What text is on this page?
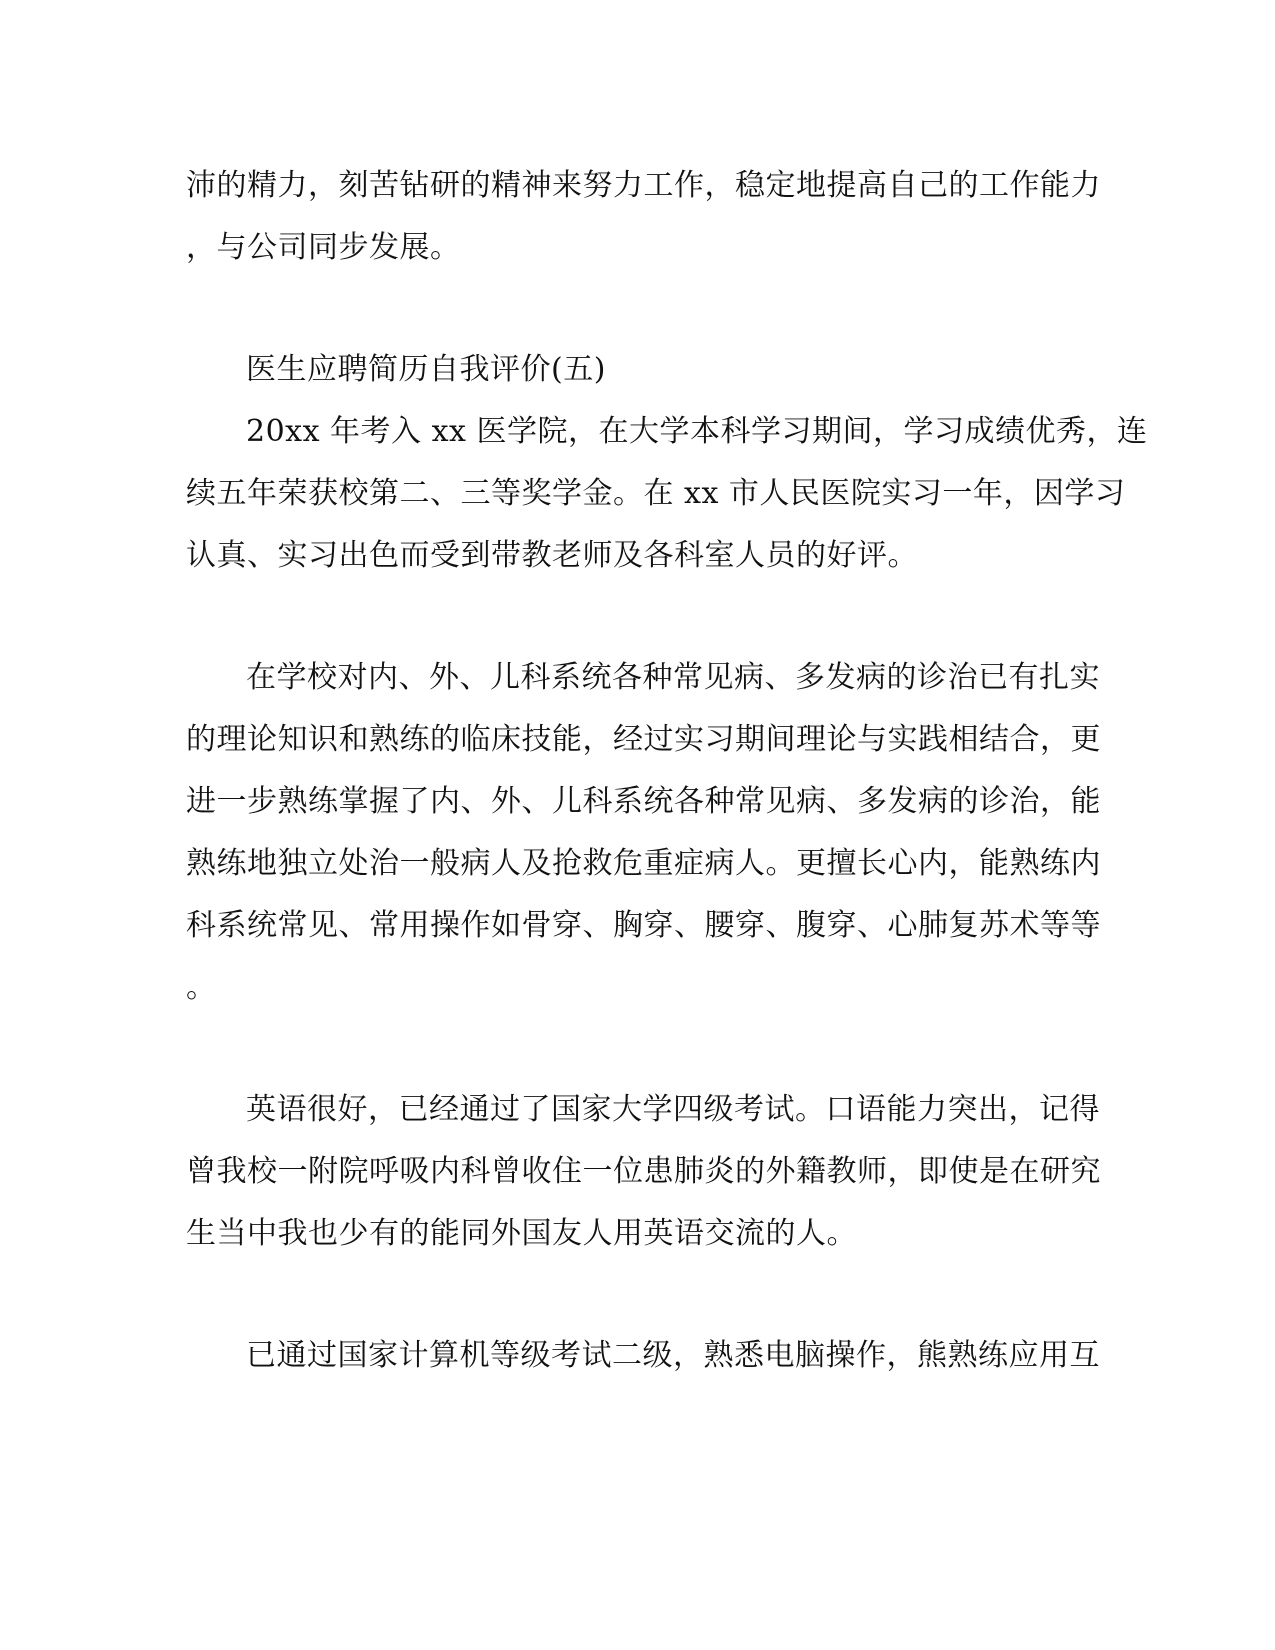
沛的精力，刻苦钻研的精神来努力工作，稳定地提高自己的工作能力
，与公司同步发展。
医生应聘简历自我评价(五)
20xx 年考入 xx 医学院，在大学本科学习期间，学习成绩优秀，连
续五年荣获校第二、三等奖学金。在 xx 市人民医院实习一年，因学习
认真、实习出色而受到带教老师及各科室人员的好评。
在学校对内、外、儿科系统各种常见病、多发病的诊治已有扎实
的理论知识和熟练的临床技能，经过实习期间理论与实践相结合，更
进一步熟练掌握了内、外、儿科系统各种常见病、多发病的诊治，能
熟练地独立处治一般病人及抢救危重症病人。更擅长心内，能熟练内
科系统常见、常用操作如骨穿、胸穿、腰穿、腹穿、心肺复苏术等等
。
英语很好，已经通过了国家大学四级考试。口语能力突出，记得
曾我校一附院呼吸内科曾收住一位患肺炎的外籍教师，即使是在研究
生当中我也少有的能同外国友人用英语交流的人。
已通过国家计算机等级考试二级，熟悉电脑操作，熊熟练应用互
